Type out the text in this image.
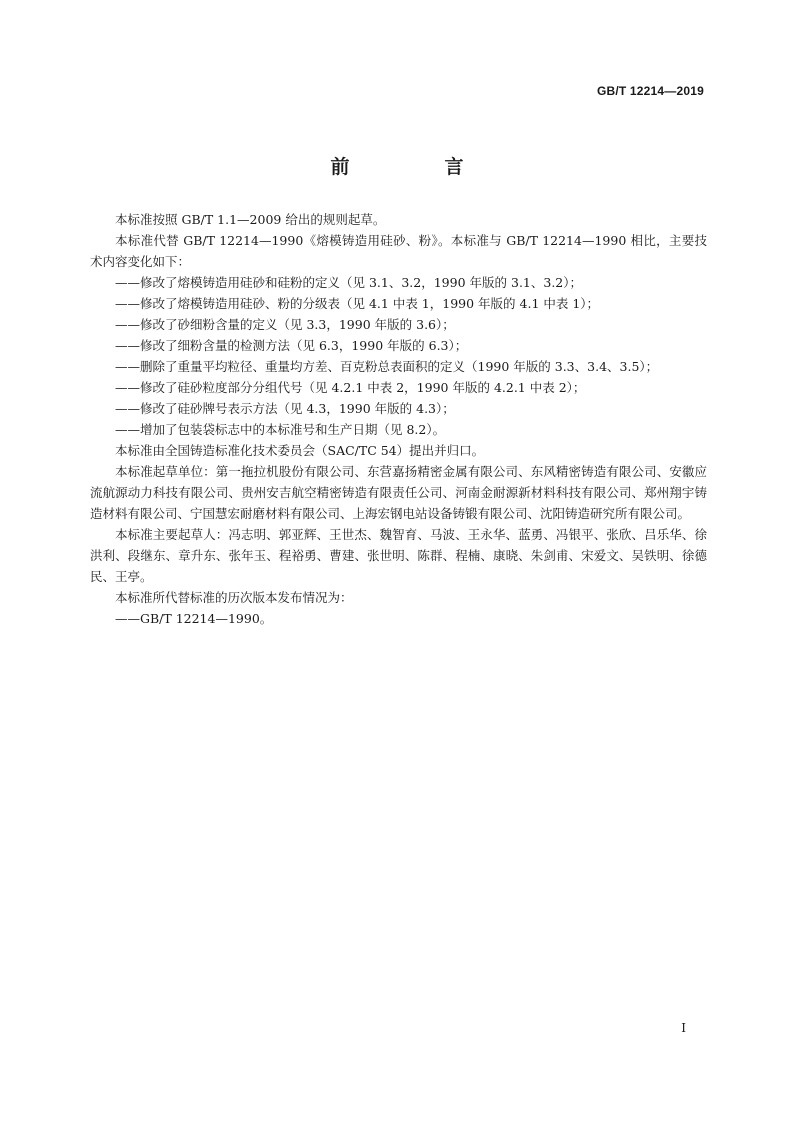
GB/T 12214—2019
前　言

本标准按照 GB/T 1.1—2009 给出的规则起草。

本标准代替 GB/T 12214—1990《熔模铸造用硅砂、粉》。本标准与 GB/T 12214—1990 相比，主要技术内容变化如下：

——修改了熔模铸造用硅砂和硅粉的定义（见 3.1、3.2，1990 年版的 3.1、3.2）；

——修改了熔模铸造用硅砂、粉的分级表（见 4.1 中表 1，1990 年版的 4.1 中表 1）；

——修改了砂细粉含量的定义（见 3.3，1990 年版的 3.6）；

——修改了细粉含量的检测方法（见 6.3，1990 年版的 6.3）；

——删除了重量平均粒径、重量均方差、百克粉总表面积的定义（1990 年版的 3.3、3.4、3.5）；

——修改了硅砂粒度部分分组代号（见 4.2.1 中表 2，1990 年版的 4.2.1 中表 2）；

——修改了硅砂牌号表示方法（见 4.3，1990 年版的 4.3）；

——增加了包装袋标志中的本标准号和生产日期（见 8.2）。

本标准由全国铸造标准化技术委员会（SAC/TC 54）提出并归口。

本标准起草单位：第一拖拉机股份有限公司、东营嘉扬精密金属有限公司、东风精密铸造有限公司、安徽应流航源动力科技有限公司、贵州安吉航空精密铸造有限责任公司、河南金耐源新材料科技有限公司、郑州翔宇铸造材料有限公司、宁国慧宏耐磨材料有限公司、上海宏钢电站设备铸锻有限公司、沈阳铸造研究所有限公司。

本标准主要起草人：冯志明、郭亚辉、王世杰、魏智育、马波、王永华、蓝勇、冯银平、张欣、吕乐华、徐洪利、段继东、章升东、张年玉、程裕勇、曹建、张世明、陈群、程楠、康晓、朱剑甫、宋爱文、吴铁明、徐德民、王亭。

本标准所代替标准的历次版本发布情况为：

——GB/T 12214—1990。

I
